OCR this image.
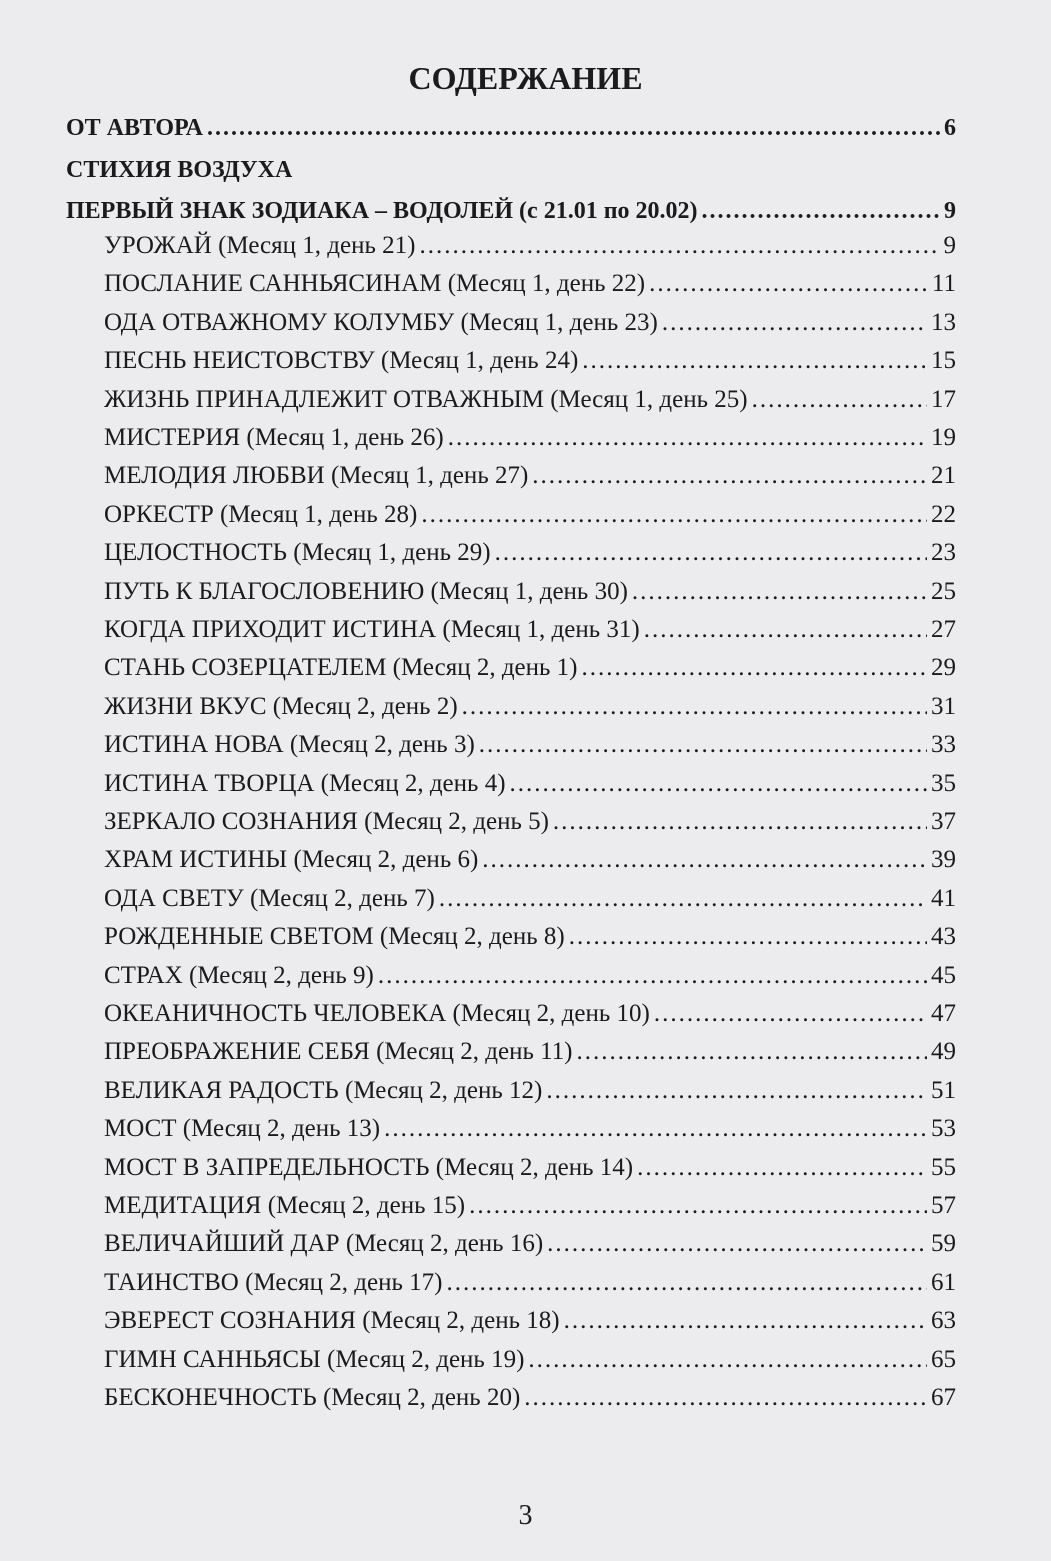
СОДЕРЖАНИЕ
ОТ АВТОРА .....	6
СТИХИЯ ВОЗДУХА
ПЕРВЫЙ ЗНАК ЗОДИАКА – ВОДОЛЕЙ (с 21.01 по 20.02) .....	9
УРОЖАЙ (Месяц 1, день 21) .....	9
ПОСЛАНИЕ САННЬЯСИНАМ (Месяц 1, день 22) .....	11
ОДА ОТВАЖНОМУ КОЛУМБУ (Месяц 1, день 23) .....	13
ПЕСНЬ НЕИСТОВСТВУ (Месяц 1, день 24) .....	15
ЖИЗНЬ ПРИНАДЛЕЖИТ ОТВАЖНЫМ (Месяц 1, день 25) .....	17
МИСТЕРИЯ (Месяц 1, день 26) .....	19
МЕЛОДИЯ ЛЮБВИ (Месяц 1, день 27) .....	21
ОРКЕСТР (Месяц 1, день 28) .....	22
ЦЕЛОСТНОСТЬ (Месяц 1, день 29) .....	23
ПУТЬ К БЛАГОСЛОВЕНИЮ (Месяц 1, день 30) .....	25
КОГДА ПРИХОДИТ ИСТИНА (Месяц 1, день 31) .....	27
СТАНЬ СОЗЕРЦАТЕЛЕМ (Месяц 2, день 1) .....	29
ЖИЗНИ ВКУС (Месяц 2, день 2) .....	31
ИСТИНА НОВА (Месяц 2, день 3) .....	33
ИСТИНА ТВОРЦА (Месяц 2, день 4) .....	35
ЗЕРКАЛО СОЗНАНИЯ (Месяц 2, день 5) .....	37
ХРАМ ИСТИНЫ (Месяц 2, день 6) .....	39
ОДА СВЕТУ (Месяц 2, день 7) .....	41
РОЖДЕННЫЕ СВЕТОМ (Месяц 2, день 8) .....	43
СТРАХ (Месяц 2, день 9) .....	45
ОКЕАНИЧНОСТЬ ЧЕЛОВЕКА (Месяц 2, день 10) .....	47
ПРЕОБРАЖЕНИЕ СЕБЯ (Месяц 2, день 11) .....	49
ВЕЛИКАЯ РАДОСТЬ (Месяц 2, день 12) .....	51
МОСТ (Месяц 2, день 13) .....	53
МОСТ В ЗАПРЕДЕЛЬНОСТЬ (Месяц 2, день 14) .....	55
МЕДИТАЦИЯ (Месяц 2, день 15) .....	57
ВЕЛИЧАЙШИЙ ДАР (Месяц 2, день 16) .....	59
ТАИНСТВО (Месяц 2, день 17) .....	61
ЭВЕРЕСТ СОЗНАНИЯ (Месяц 2, день 18) .....	63
ГИМН САННЬЯСЫ (Месяц 2, день 19) .....	65
БЕСКОНЕЧНОСТЬ (Месяц 2, день 20) .....	67
3
